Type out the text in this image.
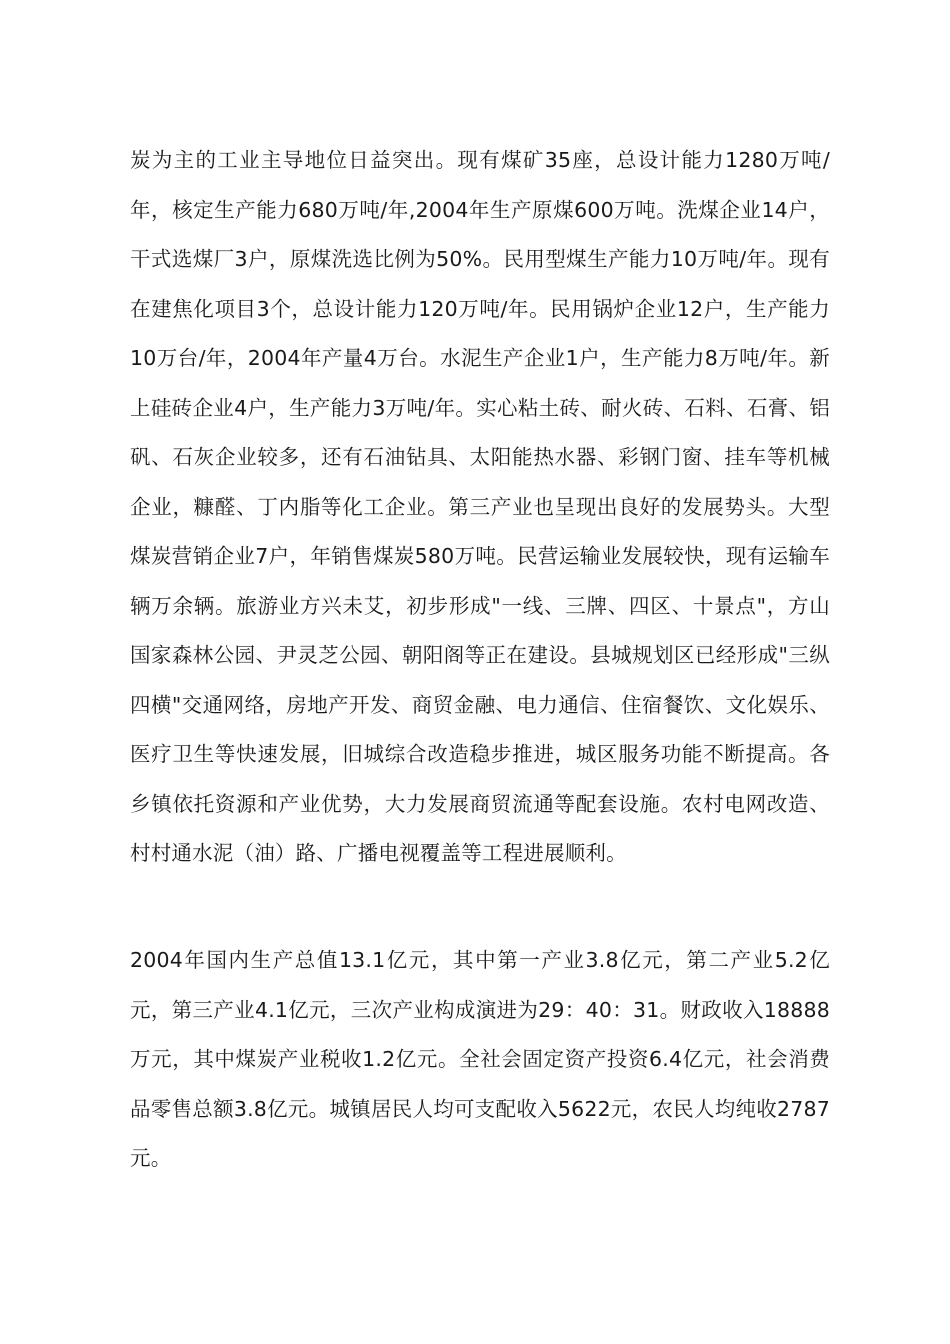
炭为主的工业主导地位日益突出。现有煤矿35座，总设计能力1280万吨/年，核定生产能力680万吨/年,2004年生产原煤600万吨。洗煤企业14户，干式选煤厂3户，原煤洗选比例为50%。民用型煤生产能力10万吨/年。现有在建焦化项目3个，总设计能力120万吨/年。民用锅炉企业12户，生产能力10万台/年，2004年产量4万台。水泥生产企业1户，生产能力8万吨/年。新上硅砖企业4户，生产能力3万吨/年。实心粘土砖、耐火砖、石料、石膏、铝矾、石灰企业较多，还有石油钻具、太阳能热水器、彩钢门窗、挂车等机械企业，糠醛、丁内脂等化工企业。第三产业也呈现出良好的发展势头。大型煤炭营销企业7户，年销售煤炭580万吨。民营运输业发展较快，现有运输车辆万余辆。旅游业方兴未艾，初步形成"一线、三牌、四区、十景点"，方山国家森林公园、尹灵芝公园、朝阳阁等正在建设。县城规划区已经形成"三纵四横"交通网络，房地产开发、商贸金融、电力通信、住宿餐饮、文化娱乐、医疗卫生等快速发展，旧城综合改造稳步推进，城区服务功能不断提高。各乡镇依托资源和产业优势，大力发展商贸流通等配套设施。农村电网改造、村村通水泥（油）路、广播电视覆盖等工程进展顺利。

2004年国内生产总值13.1亿元，其中第一产业3.8亿元，第二产业5.2亿元，第三产业4.1亿元，三次产业构成演进为29：40：31。财政收入18888万元，其中煤炭产业税收1.2亿元。全社会固定资产投资6.4亿元，社会消费品零售总额3.8亿元。城镇居民人均可支配收入5622元，农民人均纯收2787元。
